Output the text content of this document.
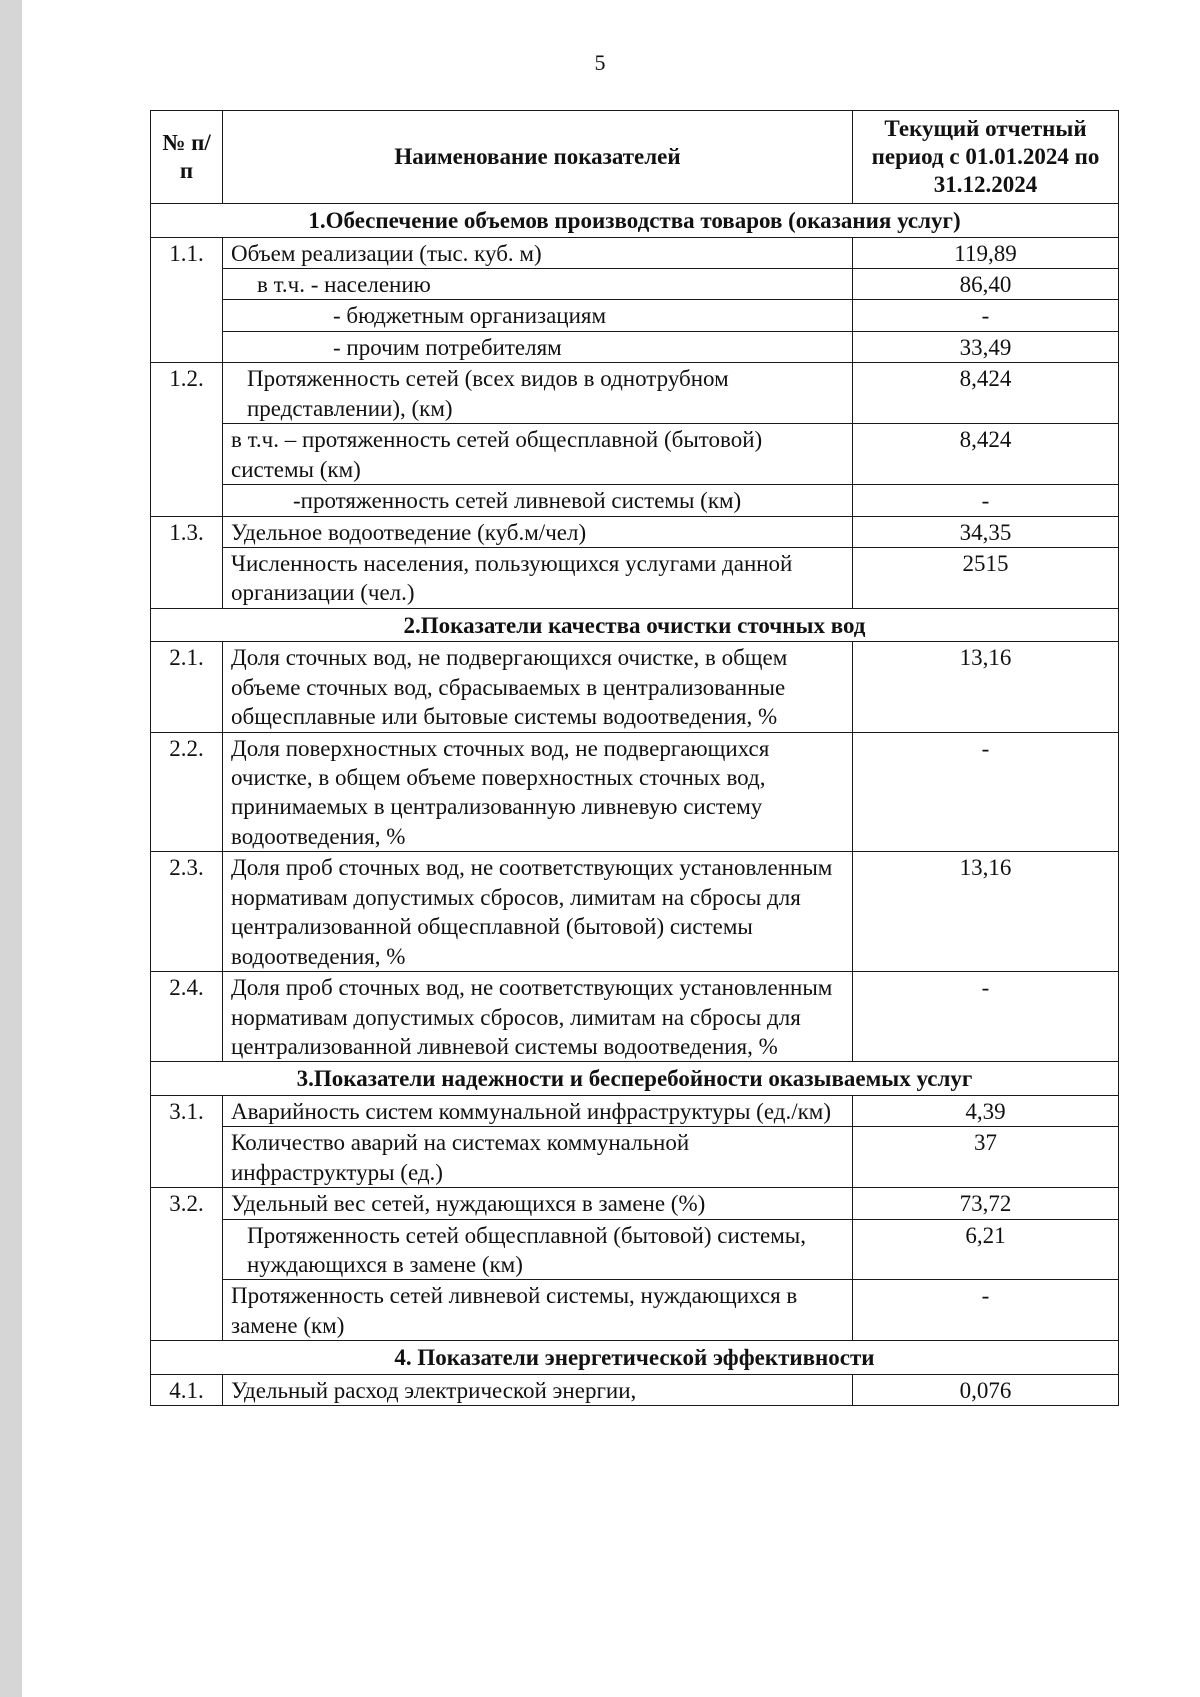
5
№ п/п	Наименование показателей	Текущий отчетный период с 01.01.2024 по 31.12.2024
1.Обеспечение объемов производства товаров (оказания услуг)		
1.1.	Объем реализации (тыс. куб. м)	119,89
	в т.ч. - населению	86,40
	- бюджетным организациям	-
	- прочим потребителям	33,49
1.2.	Протяженность сетей (всех видов в однотрубном представлении), (км)	8,424
	в т.ч. – протяженность сетей общесплавной (бытовой) системы (км)	8,424
	-протяженность сетей ливневой системы (км)	-
1.3.	Удельное водоотведение (куб.м/чел)	34,35
	Численность населения, пользующихся услугами данной организации (чел.)	2515
2.Показатели качества очистки сточных вод		
2.1.	Доля сточных вод, не подвергающихся очистке, в общем объеме сточных вод, сбрасываемых в централизованные общесплавные или бытовые системы водоотведения, %	13,16
2.2.	Доля поверхностных сточных вод, не подвергающихся очистке, в общем объеме поверхностных сточных вод, принимаемых в централизованную ливневую систему водоотведения, %	-
2.3.	Доля проб сточных вод, не соответствующих установленным нормативам допустимых сбросов, лимитам на сбросы для централизованной общесплавной (бытовой) системы водоотведения, %	13,16
2.4.	Доля проб сточных вод, не соответствующих установленным нормативам допустимых сбросов, лимитам на сбросы для централизованной ливневой системы водоотведения, %	-
3.Показатели надежности и бесперебойности оказываемых услуг		
3.1.	Аварийность систем коммунальной инфраструктуры (ед./км)	4,39
	Количество аварий на системах коммунальной инфраструктуры (ед.)	37
3.2.	Удельный вес сетей, нуждающихся в замене (%)	73,72
	Протяженность сетей общесплавной (бытовой) системы, нуждающихся в замене (км)	6,21
	Протяженность сетей ливневой системы, нуждающихся в замене (км)	-
4. Показатели энергетической эффективности		
4.1.	Удельный расход электрической энергии,	0,076
